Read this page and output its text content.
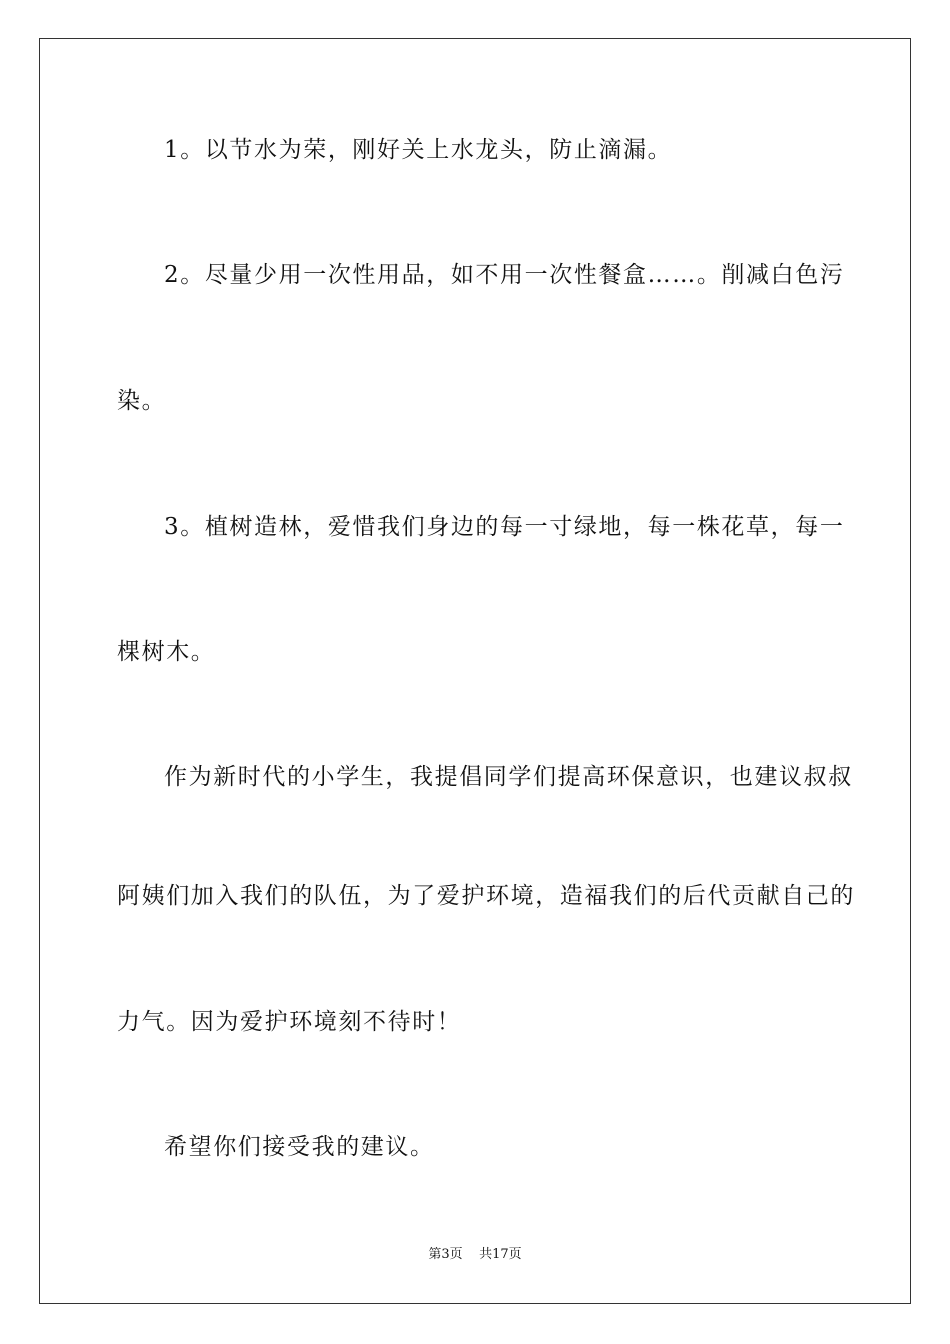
1。以节水为荣，刚好关上水龙头，防止滴漏。
2。尽量少用一次性用品，如不用一次性餐盒……。削减白色污
染。
3。植树造林，爱惜我们身边的每一寸绿地，每一株花草，每一
棵树木。
作为新时代的小学生，我提倡同学们提高环保意识，也建议叔叔
阿姨们加入我们的队伍，为了爱护环境，造福我们的后代贡献自己的
力气。因为爱护环境刻不待时！
希望你们接受我的建议。
第3页 共17页
